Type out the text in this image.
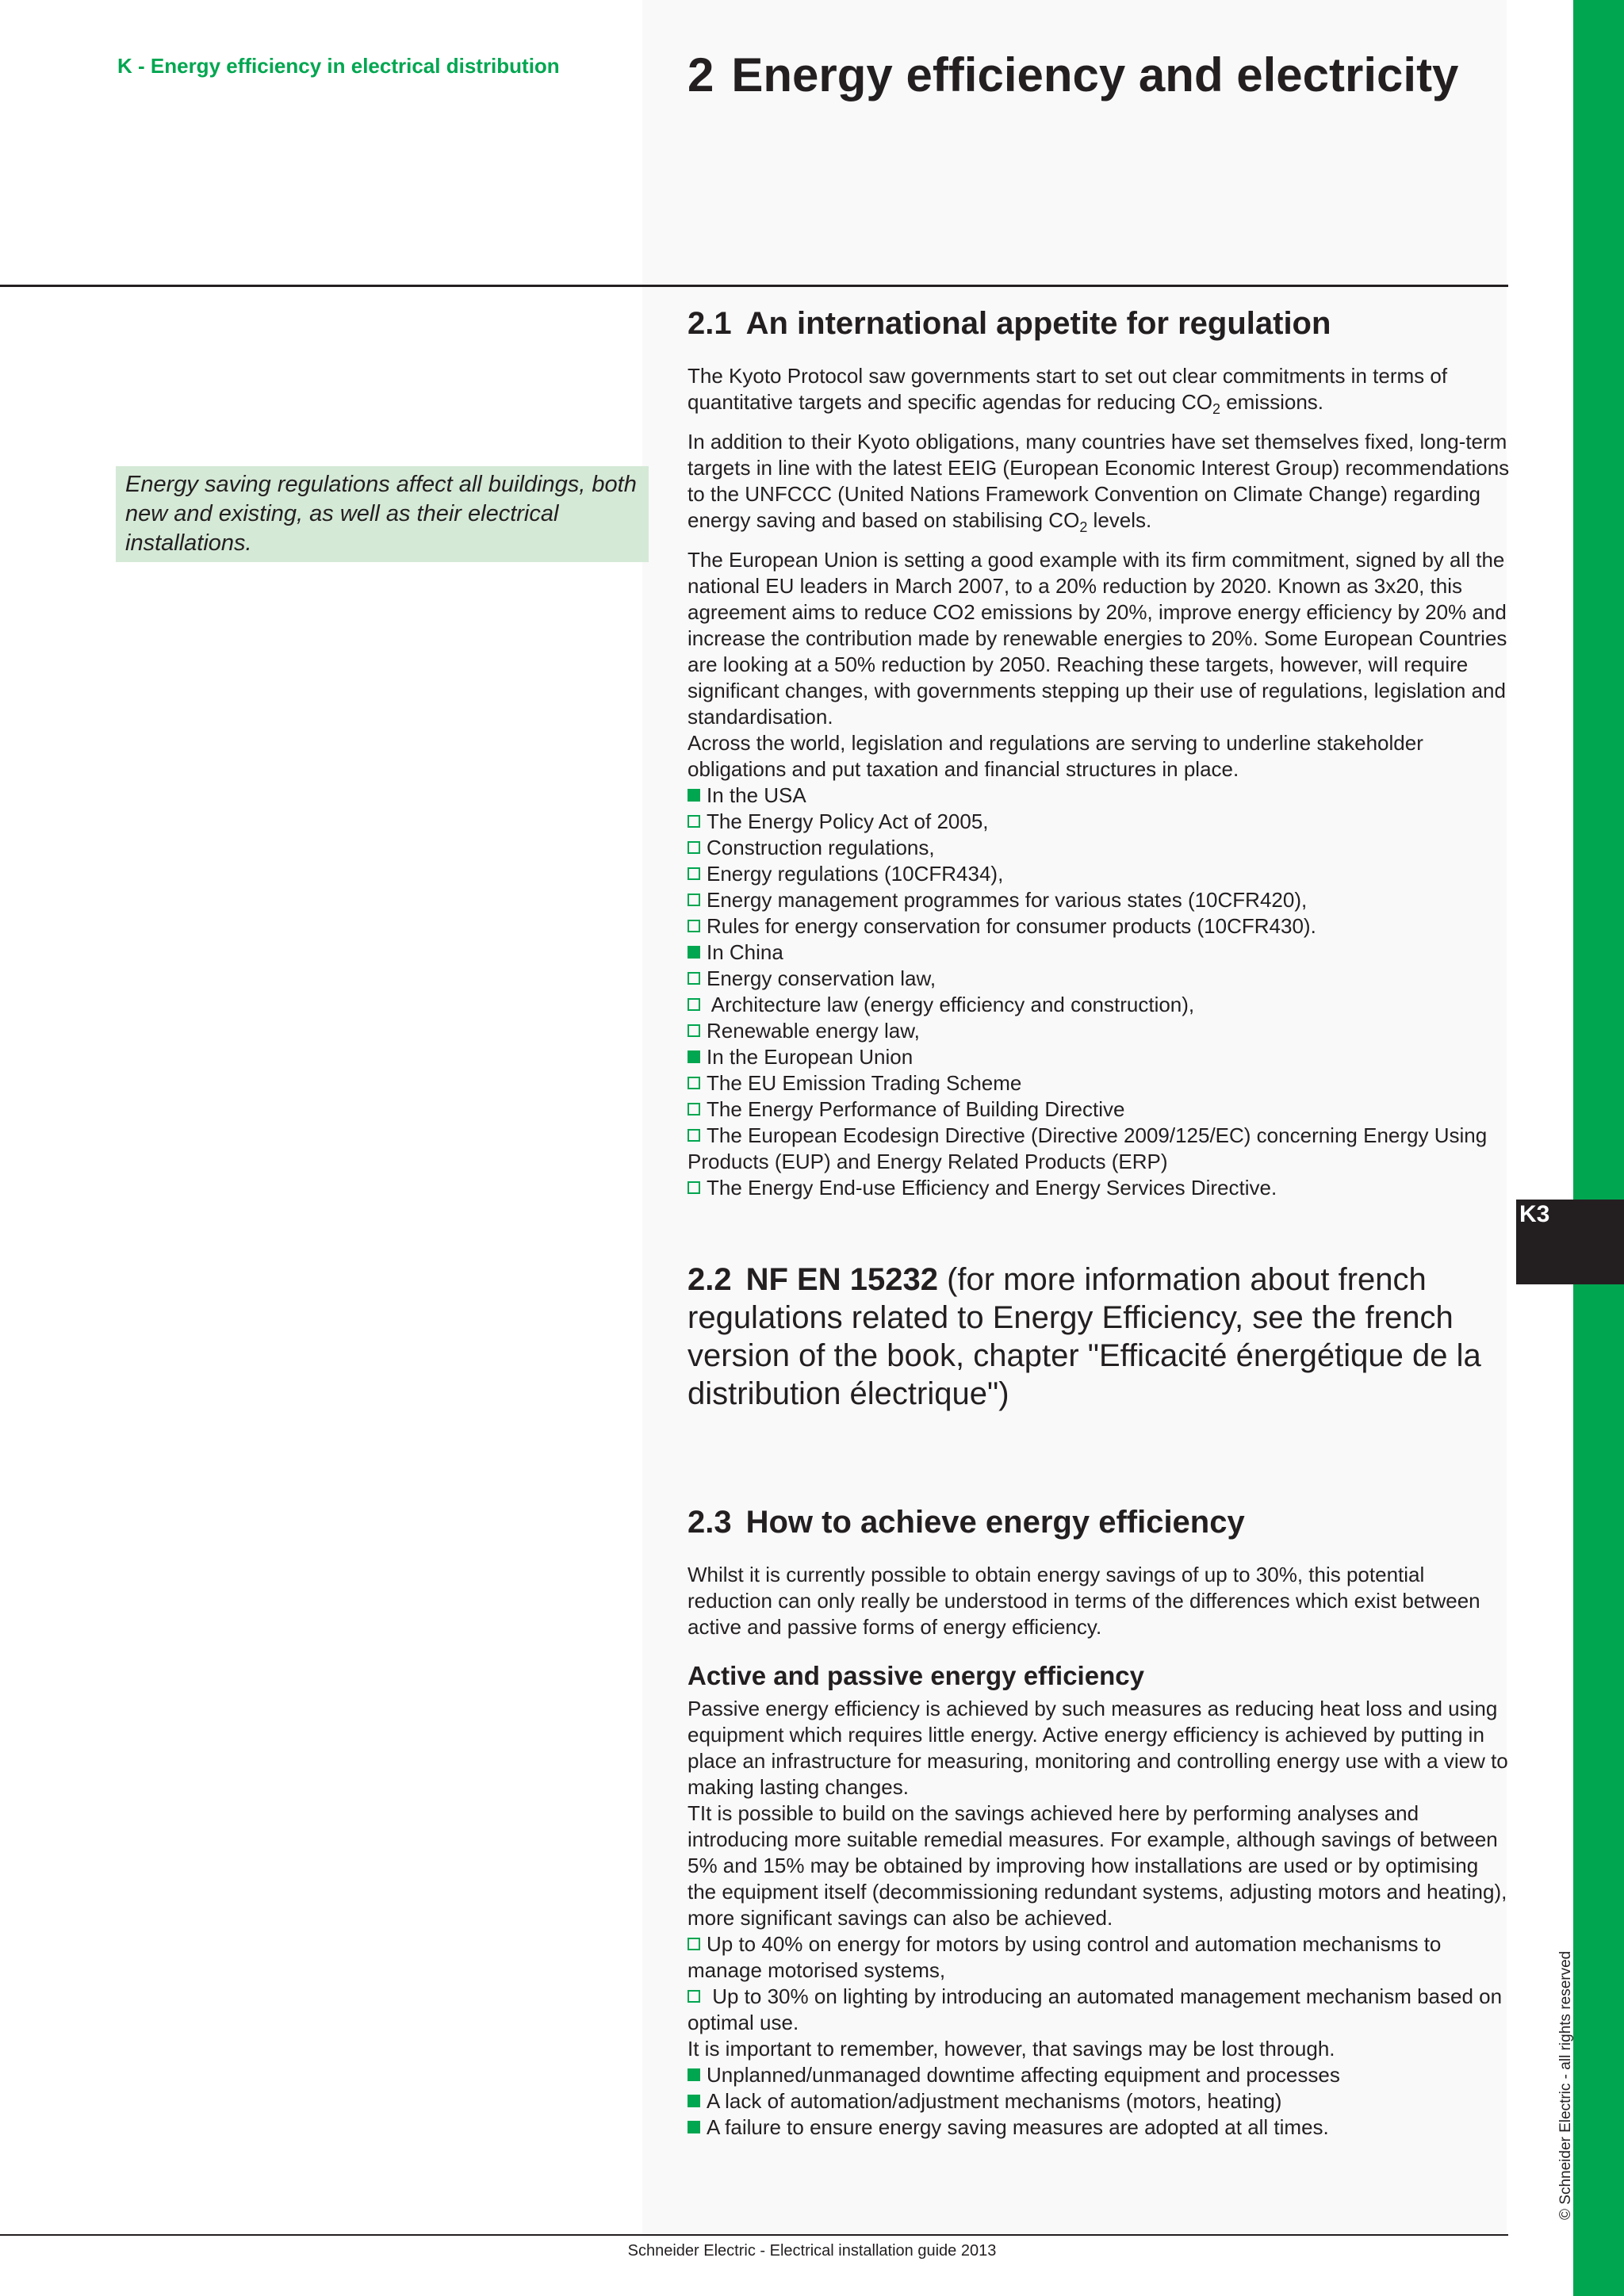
K3
© Schneider Electric - all rights reserved
K - Energy efficiency in electrical distribution	2 Energy efficiency and electricity
Energy saving regulations affect all buildings, both new and existing, as well as their electrical installations.
2.1 An international appetite for regulation

The Kyoto Protocol saw governments start to set out clear commitments in terms of quantitative targets and specific agendas for reducing $CO_2$ emissions.

In addition to their Kyoto obligations, many countries have set themselves fixed, long-term targets in line with the latest EEIG (European Economic Interest Group) recommendations to the UNFCCC (United Nations Framework Convention on Climate Change) regarding energy saving and based on stabilising $CO_2$ levels.

The European Union is setting a good example with its firm commitment, signed by all the national EU leaders in March 2007, to a 20% reduction by 2020. Known as 3x20, this agreement aims to reduce CO2 emissions by 20%, improve energy efficiency by 20% and increase the contribution made by renewable energies to 20%. Some European Countries are looking at a 50% reduction by 2050. Reaching these targets, however, wiIl require significant changes, with governments stepping up their use of regulations, legislation and standardisation.

Across the world, legislation and regulations are serving to underline stakeholder obligations and put taxation and financial structures in place.

In the USA

The Energy Policy Act of 2005,

Construction regulations,

Energy regulations (10CFR434),

Energy management programmes for various states (10CFR420),

Rules for energy conservation for consumer products (10CFR430).

In China

Energy conservation law,

Architecture law (energy efficiency and construction),

Renewable energy law,

In the European Union

The EU Emission Trading Scheme

The Energy Performance of Building Directive

The European Ecodesign Directive (Directive 2009/125/EC) concerning Energy Using Products (EUP) and Energy Related Products (ERP)

The Energy End-use Efficiency and Energy Services Directive.

2.2 NF EN 15232 (for more information about french regulations related to Energy Efficiency, see the french version of the book, chapter "Efficacité énergétique de la distribution électrique")
2.3 How to achieve energy efficiency

Whilst it is currently possible to obtain energy savings of up to 30%, this potential reduction can only really be understood in terms of the differences which exist between active and passive forms of energy efficiency.

Active and passive energy efficiency

Passive energy efficiency is achieved by such measures as reducing heat loss and using equipment which requires little energy. Active energy efficiency is achieved by putting in place an infrastructure for measuring, monitoring and controlling energy use with a view to making lasting changes.

TIt is possible to build on the savings achieved here by performing analyses and introducing more suitable remedial measures. For example, although savings of between 5% and 15% may be obtained by improving how installations are used or by optimising the equipment itself (decommissioning redundant systems, adjusting motors and heating), more significant savings can also be achieved.

Up to 40% on energy for motors by using control and automation mechanisms to manage motorised systems,

Up to 30% on lighting by introducing an automated management mechanism based on optimal use.

It is important to remember, however, that savings may be lost through.

Unplanned/unmanaged downtime affecting equipment and processes

A lack of automation/adjustment mechanisms (motors, heating)

A failure to ensure energy saving measures are adopted at all times.

Schneider Electric - Electrical installation guide 2013
